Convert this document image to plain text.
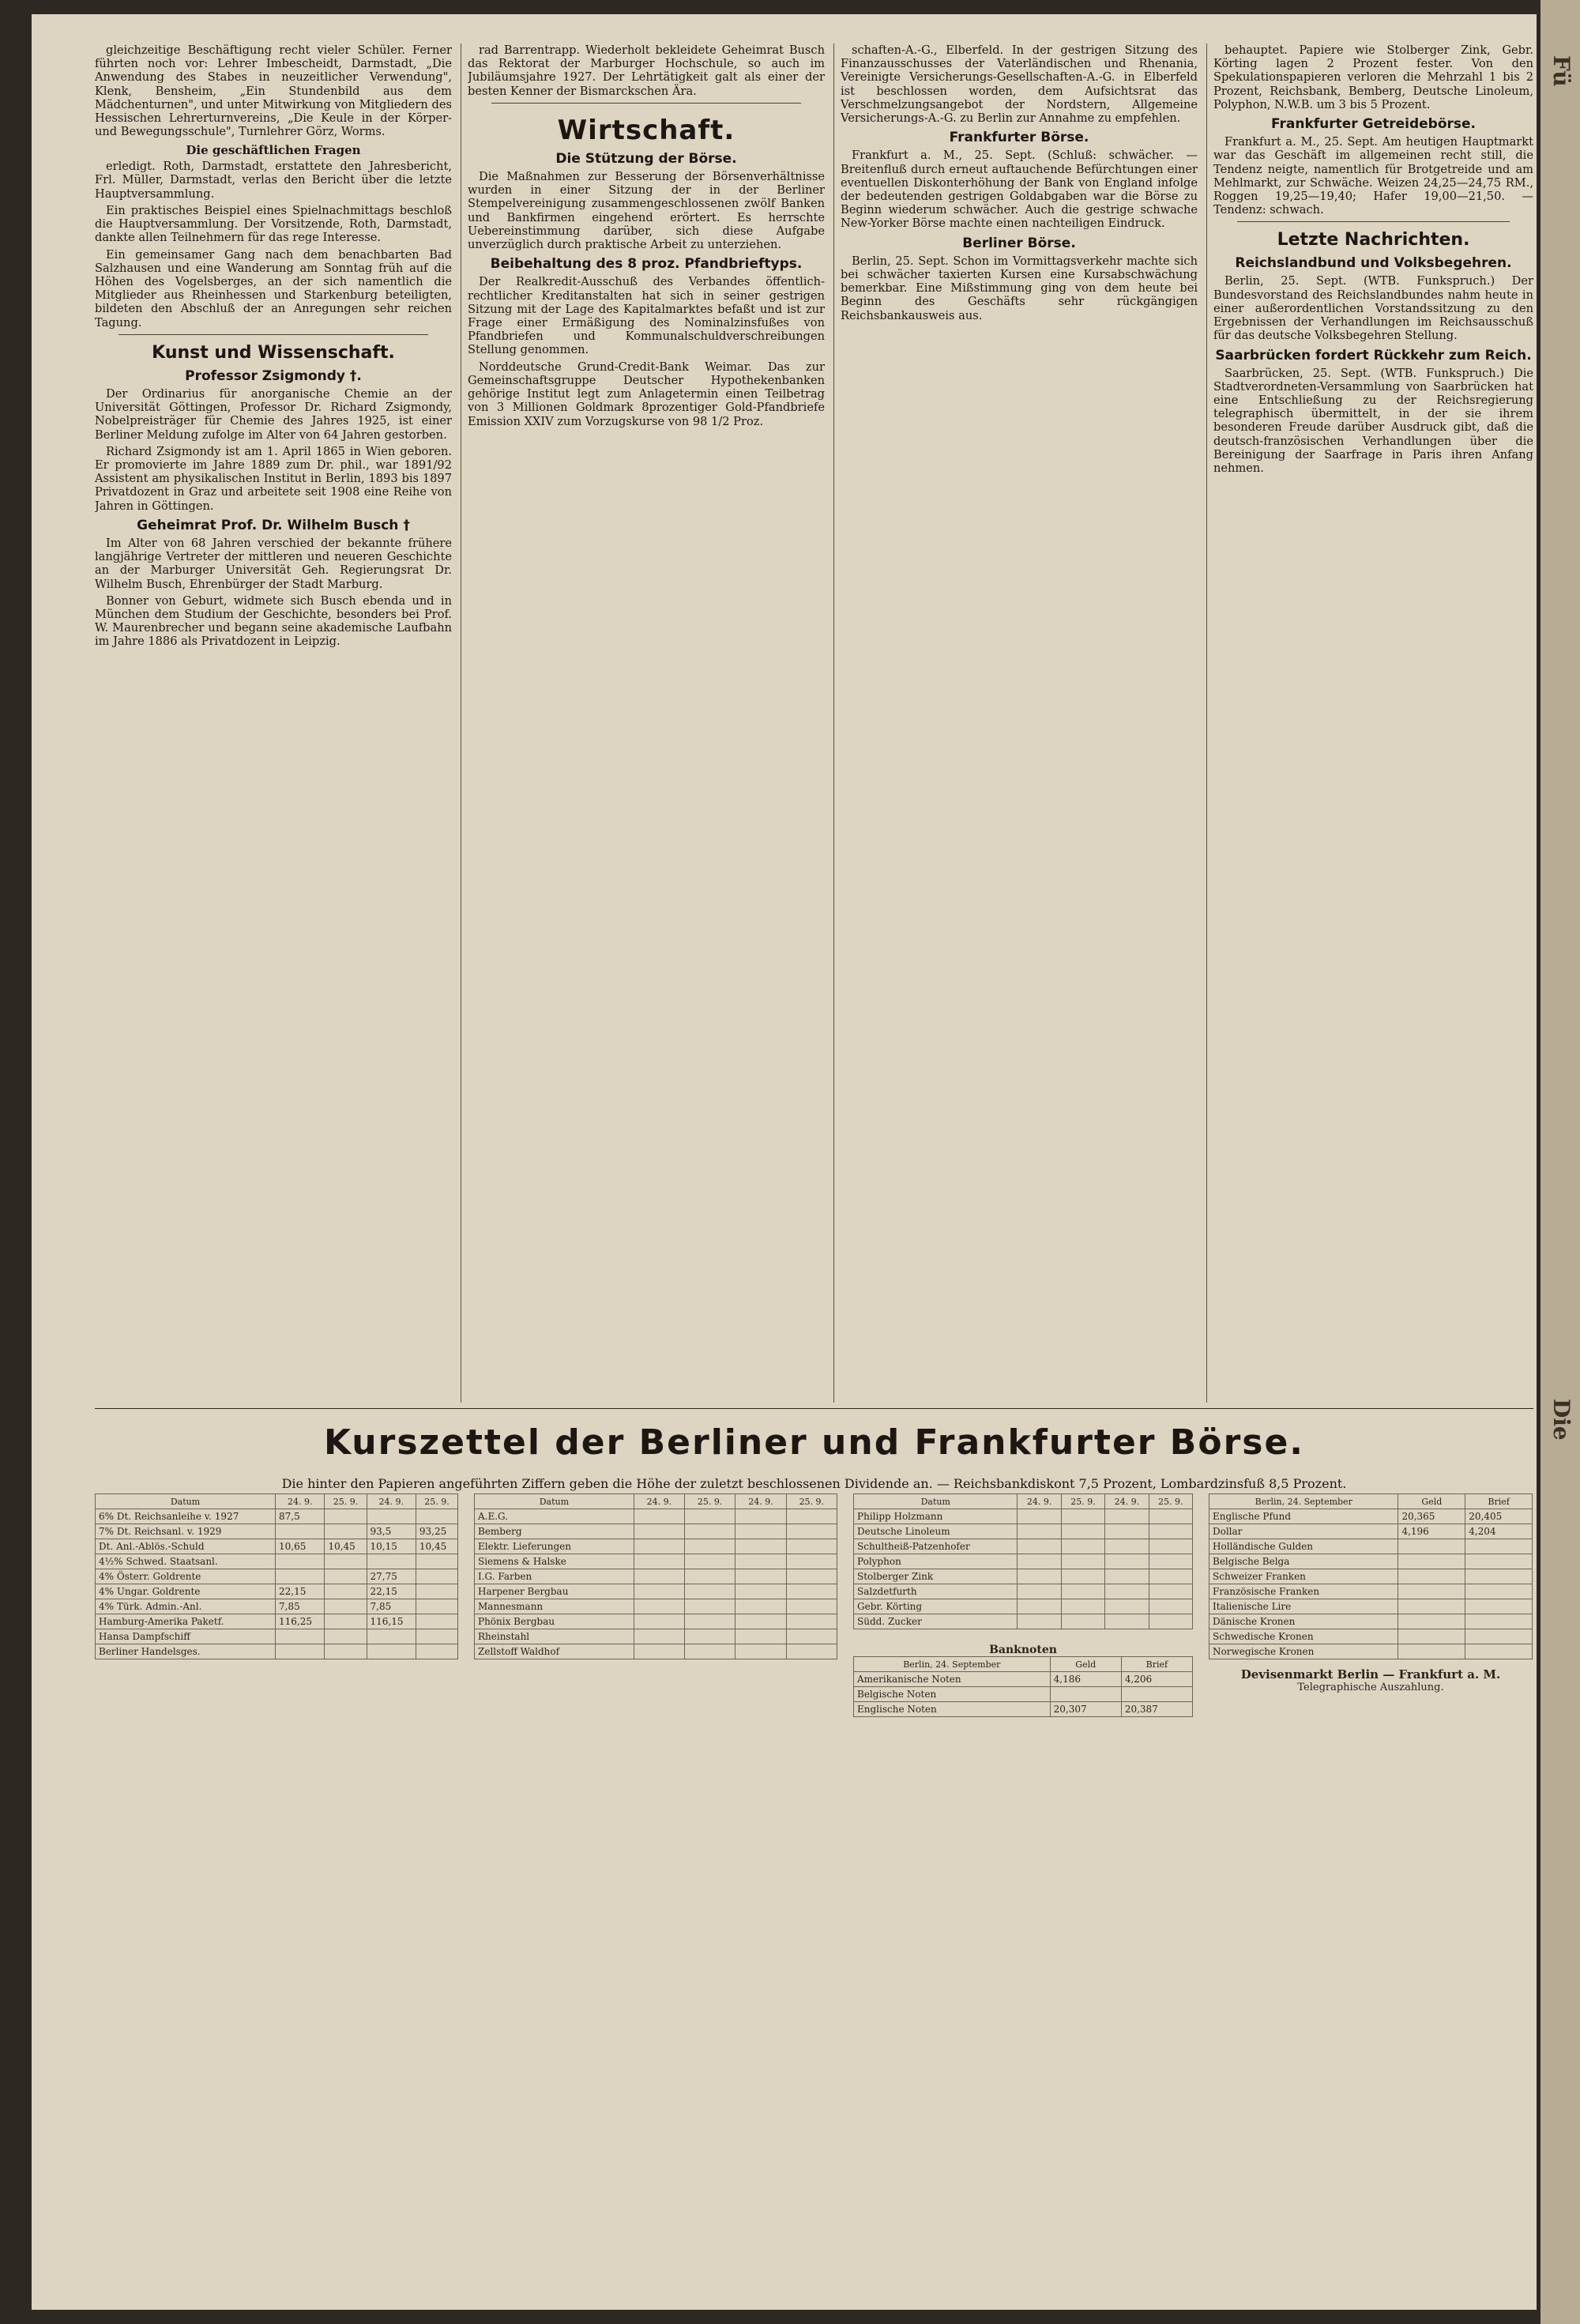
Fü
Die

gleichzeitige Beschäftigung recht vieler Schüler. Ferner führten noch vor: Lehrer Imbescheidt, Darmstadt, „Die Anwendung des Stabes in neuzeitlicher Verwendung", Klenk, Bensheim, „Ein Stundenbild aus dem Mädchenturnen", und unter Mitwirkung von Mitgliedern des Hessischen Lehrerturnvereins, „Die Keule in der Körper- und Bewegungsschule", Turnlehrer Görz, Worms.

Die geschäftlichen Fragen

erledigt. Roth, Darmstadt, erstattete den Jahresbericht, Frl. Müller, Darmstadt, verlas den Bericht über die letzte Hauptversammlung.

Ein praktisches Beispiel eines Spielnachmittags beschloß die Hauptversammlung. Der Vorsitzende, Roth, Darmstadt, dankte allen Teilnehmern für das rege Interesse.

Ein gemeinsamer Gang nach dem benachbarten Bad Salzhausen und eine Wanderung am Sonntag früh auf die Höhen des Vogelsberges, an der sich namentlich die Mitglieder aus Rheinhessen und Starkenburg beteiligten, bildeten den Abschluß der an Anregungen sehr reichen Tagung.

Kunst und Wissenschaft.
Professor Zsigmondy †.

Der Ordinarius für anorganische Chemie an der Universität Göttingen, Professor Dr. Richard Zsigmondy, Nobelpreisträger für Chemie des Jahres 1925, ist einer Berliner Meldung zufolge im Alter von 64 Jahren gestorben.

Richard Zsigmondy ist am 1. April 1865 in Wien geboren. Er promovierte im Jahre 1889 zum Dr. phil., war 1891/92 Assistent am physikalischen Institut in Berlin, 1893 bis 1897 Privatdozent in Graz und arbeitete seit 1908 eine Reihe von Jahren in Göttingen.

Geheimrat Prof. Dr. Wilhelm Busch †

Im Alter von 68 Jahren verschied der bekannte frühere langjährige Vertreter der mittleren und neueren Geschichte an der Marburger Universität Geh. Regierungsrat Dr. Wilhelm Busch, Ehrenbürger der Stadt Marburg.

Bonner von Geburt, widmete sich Busch ebenda und in München dem Studium der Geschichte, besonders bei Prof. W. Maurenbrecher und begann seine akademische Laufbahn im Jahre 1886 als Privatdozent in Leipzig.

rad Barrentrapp. Wiederholt bekleidete Geheimrat Busch das Rektorat der Marburger Hochschule, so auch im Jubiläumsjahre 1927. Der Lehrtätigkeit galt als einer der besten Kenner der Bismarckschen Ära.

Wirtschaft.
Die Stützung der Börse.

Die Maßnahmen zur Besserung der Börsenverhältnisse wurden in einer Sitzung der in der Berliner Stempelvereinigung zusammengeschlossenen zwölf Banken und Bankfirmen eingehend erörtert. Es herrschte Uebereinstimmung darüber, sich diese Aufgabe unverzüglich durch praktische Arbeit zu unterziehen.

Beibehaltung des 8 proz. Pfandbrieftyps.

Der Realkredit-Ausschuß des Verbandes öffentlich-rechtlicher Kreditanstalten hat sich in seiner gestrigen Sitzung mit der Lage des Kapitalmarktes befaßt und ist zur Frage einer Ermäßigung des Nominalzinsfußes von Pfandbriefen und Kommunalschuldverschreibungen Stellung genommen.

Norddeutsche Grund-Credit-Bank Weimar. Das zur Gemeinschaftsgruppe Deutscher Hypothekenbanken gehörige Institut legt zum Anlagetermin einen Teilbetrag von 3 Millionen Goldmark 8prozentiger Gold-Pfandbriefe Emission XXIV zum Vorzugskurse von 98 1/2 Proz.

schaften-A.-G., Elberfeld. In der gestrigen Sitzung des Finanzausschusses der Vaterländischen und Rhenania, Vereinigte Versicherungs-Gesellschaften-A.-G. in Elberfeld ist beschlossen worden, dem Aufsichtsrat das Verschmelzungsangebot der Nordstern, Allgemeine Versicherungs-A.-G. zu Berlin zur Annahme zu empfehlen.

Frankfurter Börse.

Frankfurt a. M., 25. Sept. (Schluß: schwächer. — Breitenfluß durch erneut auftauchende Befürchtungen einer eventuellen Diskonterhöhung der Bank von England infolge der bedeutenden gestrigen Goldabgaben war die Börse zu Beginn wiederum schwächer. Auch die gestrige schwache New-Yorker Börse machte einen nachteiligen Eindruck.

Berliner Börse.

Berlin, 25. Sept. Schon im Vormittagsverkehr machte sich bei schwächer taxierten Kursen eine Kursabschwächung bemerkbar. Eine Mißstimmung ging von dem heute bei Beginn des Geschäfts sehr rückgängigen Reichsbankausweis aus.

behauptet. Papiere wie Stolberger Zink, Gebr. Körting lagen 2 Prozent fester. Von den Spekulationspapieren verloren die Mehrzahl 1 bis 2 Prozent, Reichsbank, Bemberg, Deutsche Linoleum, Polyphon, N.W.B. um 3 bis 5 Prozent.

Frankfurter Getreidebörse.

Frankfurt a. M., 25. Sept. Am heutigen Hauptmarkt war das Geschäft im allgemeinen recht still, die Tendenz neigte, namentlich für Brotgetreide und am Mehlmarkt, zur Schwäche. Weizen 24,25—24,75 RM., Roggen 19,25—19,40; Hafer 19,00—21,50. — Tendenz: schwach.

Letzte Nachrichten.
Reichslandbund und Volksbegehren.

Berlin, 25. Sept. (WTB. Funkspruch.) Der Bundesvorstand des Reichslandbundes nahm heute in einer außerordentlichen Vorstandssitzung zu den Ergebnissen der Verhandlungen im Reichsausschuß für das deutsche Volksbegehren Stellung.

Saarbrücken fordert Rückkehr zum Reich.

Saarbrücken, 25. Sept. (WTB. Funkspruch.) Die Stadtverordneten-Versammlung von Saarbrücken hat eine Entschließung zu der Reichsregierung telegraphisch übermittelt, in der sie ihrem besonderen Freude darüber Ausdruck gibt, daß die deutsch-französischen Verhandlungen über die Bereinigung der Saarfrage in Paris ihren Anfang nehmen.

Kurszettel der Berliner und Frankfurter Börse.
Die hinter den Papieren angeführten Ziffern geben die Höhe der zuletzt beschlossenen Dividende an. — Reichsbankdiskont 7,5 Prozent, Lombardzinsfuß 8,5 Prozent.
Datum	24. 9.	25. 9.	24. 9.	25. 9.
6% Dt. Reichsanleihe v. 1927	87,5			
7% Dt. Reichsanl. v. 1929			93,5	93,25
Dt. Anl.-Ablös.-Schuld	10,65	10,45	10,15	10,45
4½% Schwed. Staatsanl.				
4% Österr. Goldrente			27,75	
4% Ungar. Goldrente	22,15		22,15	
4% Türk. Admin.-Anl.	7,85		7,85	
Hamburg-Amerika Paketf.	116,25		116,15	
Hansa Dampfschiff				
Berliner Handelsges.				
Datum	24. 9.	25. 9.	24. 9.	25. 9.
A.E.G.				
Bemberg				
Elektr. Lieferungen				
Siemens & Halske				
I.G. Farben				
Harpener Bergbau				
Mannesmann				
Phönix Bergbau				
Rheinstahl				
Zellstoff Waldhof				
Datum	24. 9.	25. 9.	24. 9.	25. 9.
Philipp Holzmann				
Deutsche Linoleum				
Schultheiß-Patzenhofer				
Polyphon				
Stolberger Zink				
Salzdetfurth				
Gebr. Körting				
Südd. Zucker				
Banknoten
Berlin, 24. September	Geld	Brief
Amerikanische Noten	4,186	4,206
Belgische Noten		
Englische Noten	20,307	20,387
Berlin, 24. September	Geld	Brief
Englische Pfund	20,365	20,405
Dollar	4,196	4,204
Holländische Gulden		
Belgische Belga		
Schweizer Franken		
Französische Franken		
Italienische Lire		
Dänische Kronen		
Schwedische Kronen		
Norwegische Kronen		
Devisenmarkt Berlin — Frankfurt a. M.
Telegraphische Auszahlung.
